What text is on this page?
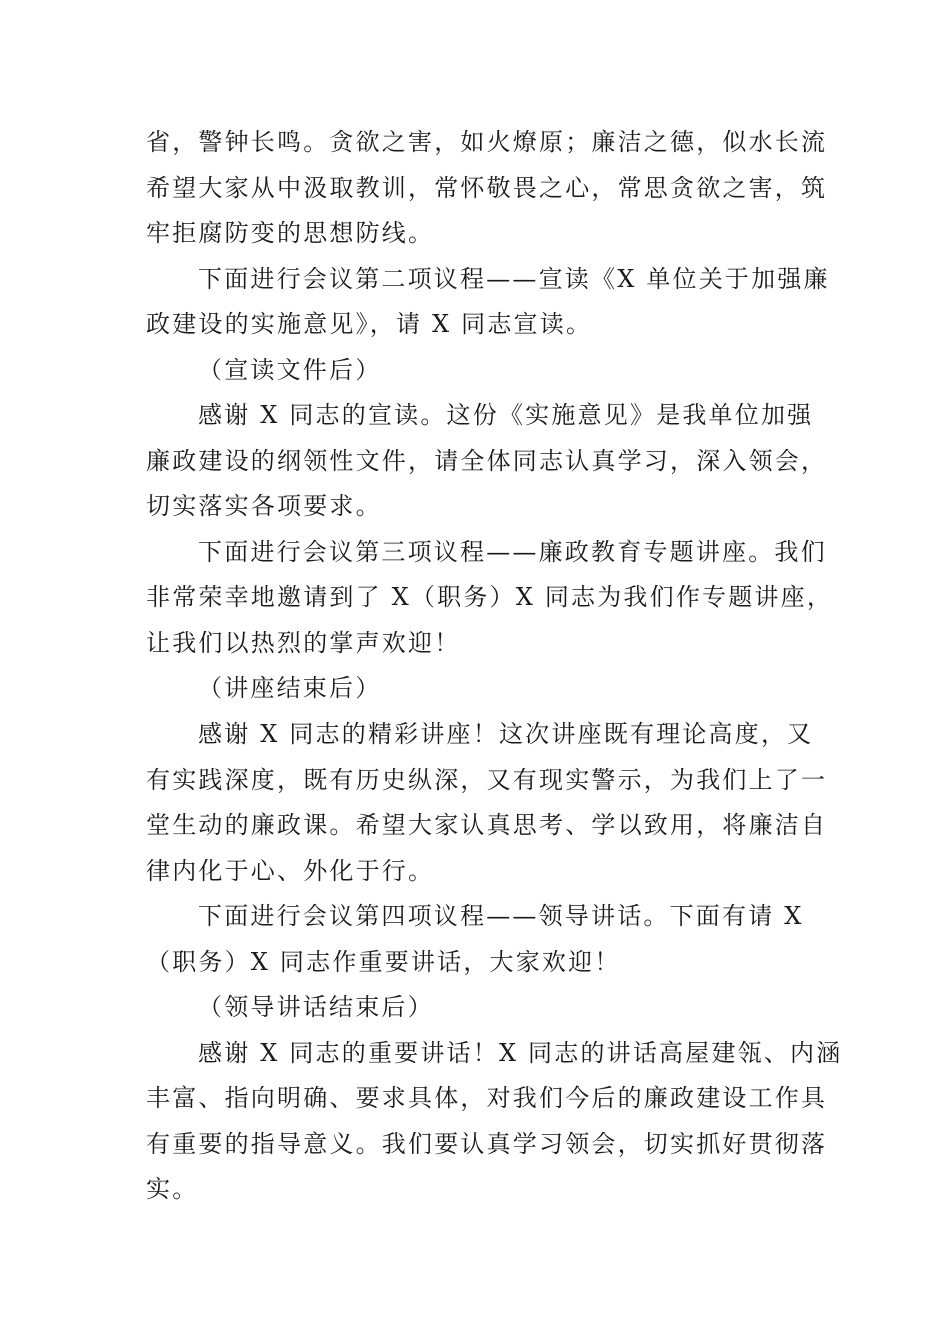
省，警钟长鸣。贪欲之害，如火燎原；廉洁之德，似水长流
希望大家从中汲取教训，常怀敬畏之心，常思贪欲之害，筑
牢拒腐防变的思想防线。
下面进行会议第二项议程——宣读《X 单位关于加强廉
政建设的实施意见》，请 X 同志宣读。
（宣读文件后）
感谢 X 同志的宣读。这份《实施意见》是我单位加强
廉政建设的纲领性文件，请全体同志认真学习，深入领会，
切实落实各项要求。
下面进行会议第三项议程——廉政教育专题讲座。我们
非常荣幸地邀请到了 X（职务）X 同志为我们作专题讲座，
让我们以热烈的掌声欢迎！
（讲座结束后）
感谢 X 同志的精彩讲座！这次讲座既有理论高度，又
有实践深度，既有历史纵深，又有现实警示，为我们上了一
堂生动的廉政课。希望大家认真思考、学以致用，将廉洁自
律内化于心、外化于行。
下面进行会议第四项议程——领导讲话。下面有请 X
（职务）X 同志作重要讲话，大家欢迎！
（领导讲话结束后）
感谢 X 同志的重要讲话！X 同志的讲话高屋建瓴、内涵
丰富、指向明确、要求具体，对我们今后的廉政建设工作具
有重要的指导意义。我们要认真学习领会，切实抓好贯彻落
实。
